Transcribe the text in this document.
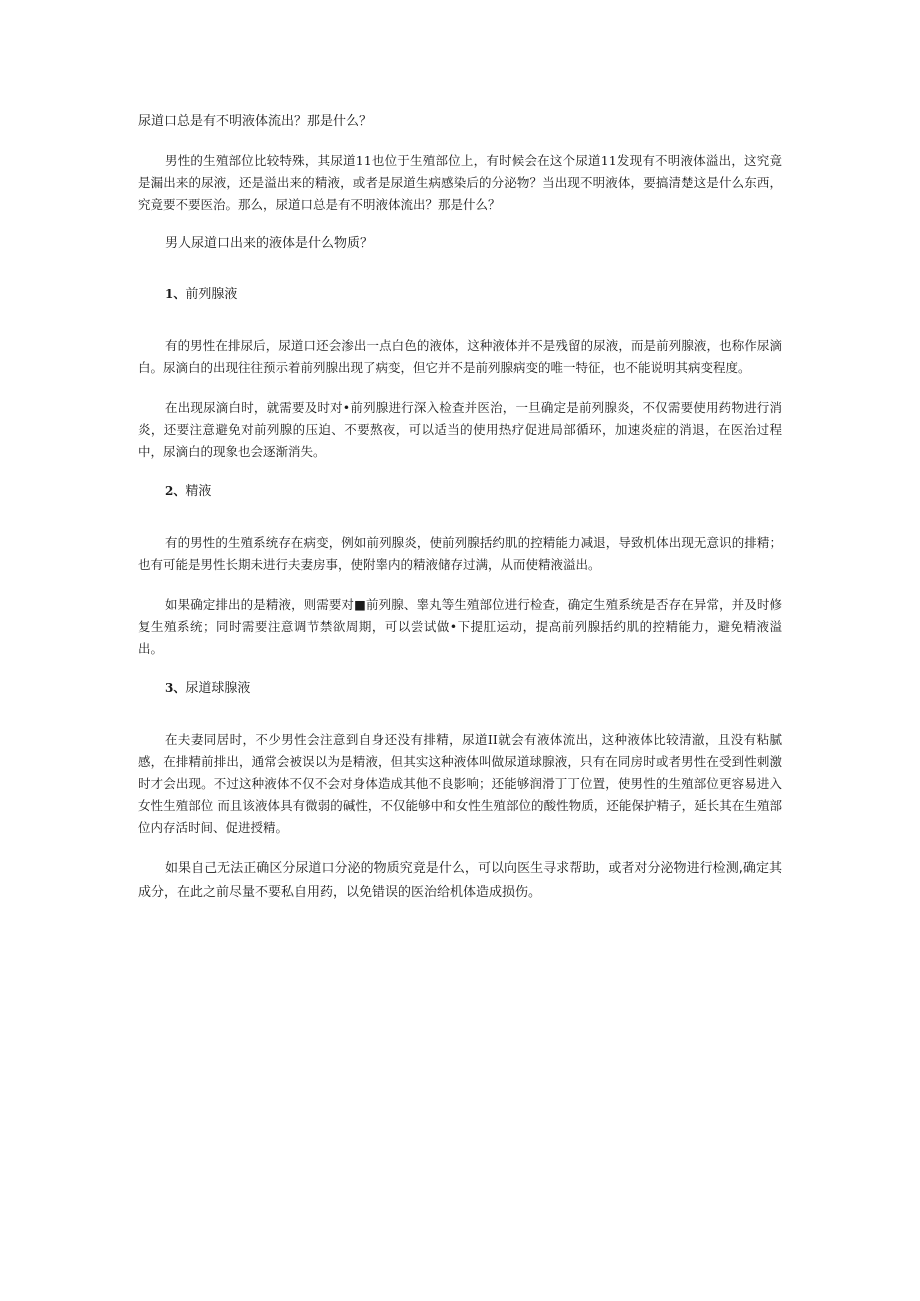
尿道口总是有不明液体流出？那是什么？

男性的生殖部位比较特殊，其尿道11也位于生殖部位上，有时候会在这个尿道11发现有不明液体溢出，这究竟是漏出来的尿液，还是溢出来的精液，或者是尿道生病感染后的分泌物？当出现不明液体，要搞清楚这是什么东西，究竟要不要医治。那么，尿道口总是有不明液体流出？那是什么？

男人尿道口出来的液体是什么物质？
1、前列腺液

有的男性在排尿后，尿道口还会渗出一点白色的液体，这种液体并不是残留的尿液，而是前列腺液，也称作尿滴白。尿滴白的出现往往预示着前列腺出现了病变，但它并不是前列腺病变的唯一特征，也不能说明其病变程度。

在出现尿滴白时，就需要及时对•前列腺进行深入检查并医治，一旦确定是前列腺炎，不仅需要使用药物进行消炎，还要注意避免对前列腺的压迫、不要熬夜，可以适当的使用热疗促进局部循环，加速炎症的消退，在医治过程中，尿滴白的现象也会逐渐消失。

2、精液

有的男性的生殖系统存在病变，例如前列腺炎，使前列腺括约肌的控精能力减退，导致机体出现无意识的排精；也有可能是男性长期未进行夫妻房事，使附睾内的精液储存过满，从而使精液溢出。

如果确定排出的是精液，则需要对■前列腺、睾丸等生殖部位进行检查，确定生殖系统是否存在异常，并及时修复生殖系统；同时需要注意调节禁欲周期，可以尝试做•下提肛运动，提高前列腺括约肌的控精能力，避免精液溢出。

3、尿道球腺液

在夫妻同居时，不少男性会注意到自身还没有排精，尿道II就会有液体流出，这种液体比较清澈，且没有粘腻感，在排精前排出，通常会被误以为是精液，但其实这种液体叫做尿道球腺液，只有在同房时或者男性在受到性刺激时才会出现。不过这种液体不仅不会对身体造成其他不良影响；还能够润滑丁丁位置，使男性的生殖部位更容易进入女性生殖部位 而且该液体具有微弱的碱性，不仅能够中和女性生殖部位的酸性物质，还能保护精子，延长其在生殖部位内存活时间、促进授精。

如果自己无法正确区分尿道口分泌的物质究竟是什么，可以向医生寻求帮助，或者对分泌物进行检测,确定其成分，在此之前尽量不要私自用药，以免错误的医治给机体造成损伤。
